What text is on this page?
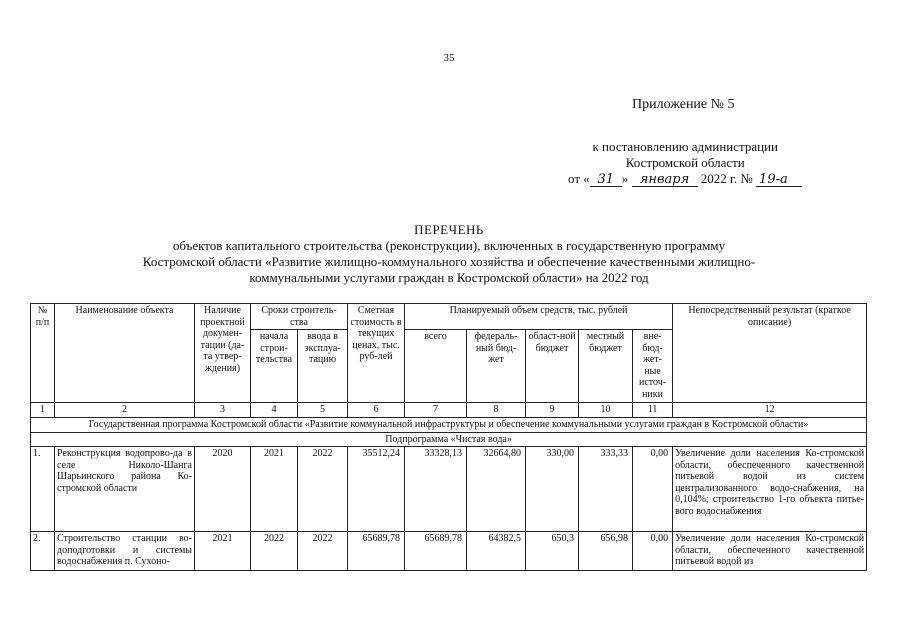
35
Приложение № 5
к постановлению администрации
Костромской области
от « 31 » января 2022 г. № 19-а
ПЕРЕЧЕНЬ
объектов капитального строительства (реконструкции), включенных в государственную программу
Костромской области «Развитие жилищно-коммунального хозяйства и обеспечение качественными жилищно-
коммунальными услугами граждан в Костромской области» на 2022 год
№ п/п	Наименование объекта	Наличие проектной докумен-тации (да-та утвер-ждения)	Сроки строитель-ства		Сметная стоимость в текущих ценах, тыс. руб-лей	Планируемый объем средств, тыс. рублей					Непосредственный результат (краткое описание)
			начала строи-тельства	ввода в эксплуа-тацию		всего	федераль-ный бюд-жет	област-ной бюджет	местный бюджет	вне-бюд-жет-ные источ-ники	
1	2	3	4	5	6	7	8	9	10	11	12
Государственная программа Костромской области «Развитие коммунальной инфраструктуры и обеспечение коммунальными услугами граждан в Костромской области»											
Подпрограмма «Чистая вода»											
1.	Реконструкция водопрово-да в селе Николо-Шанга Шарьинского района Ко-стромской области	2020	2021	2022	35512,24	33328,13	32664,80	330,00	333,33	0,00	Увеличение доли населения Ко-стромской области, обеспеченного качественной питьевой водой из систем централизованного водо-снабжения, на 0,104%; строительство 1-го объекта питье-вого водоснабжения
2.	Строительство станции во-доподготовки и системы водоснабжения п. Сухоно-	2021	2022	2022	65689,78	65689,78	64382,5	650,3	656,98	0,00	Увеличение доли населения Ко-стромской области, обеспеченного качественной питьевой водой из
